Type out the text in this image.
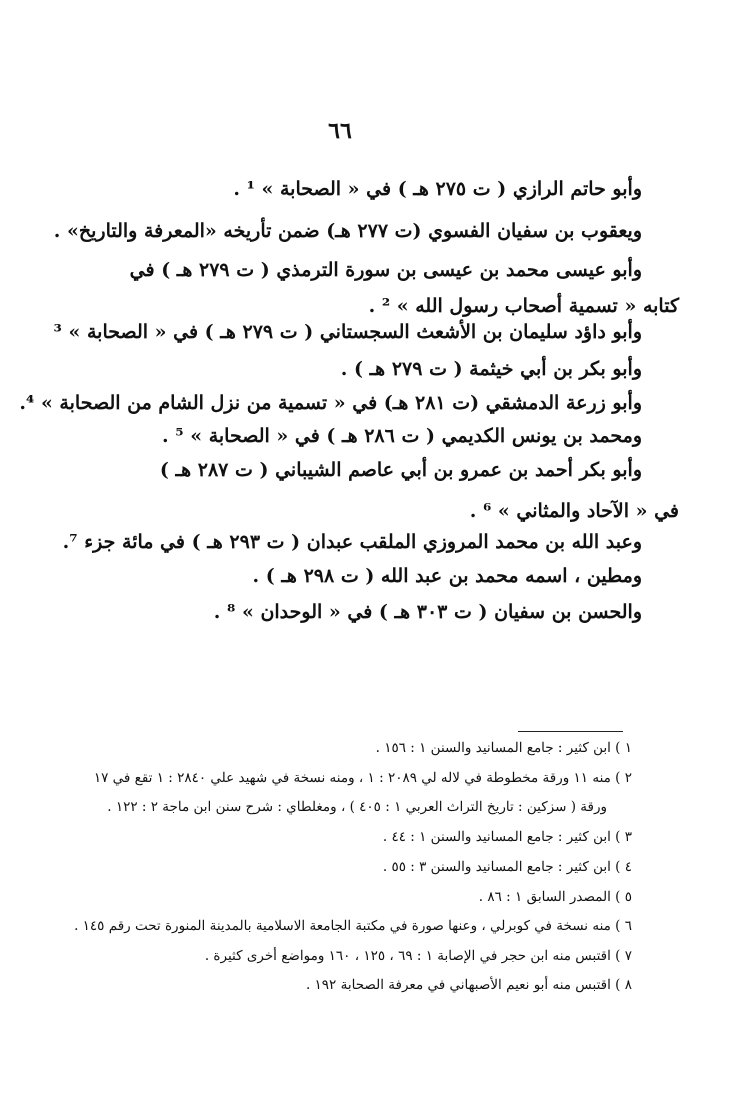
٦٦
وأبو حاتم الرازي ( ت ٢٧٥ هـ ) في « الصحابة » ¹ .
ويعقوب بن سفيان الفسوي (ت ٢٧٧ هـ) ضمن تأريخه «المعرفة والتاريخ» .
وأبو عيسى محمد بن عيسى بن سورة الترمذي ( ت ٢٧٩ هـ ) في
كتابه « تسمية أصحاب رسول الله » ² .
وأبو داؤد سليمان بن الأشعث السجستاني ( ت ٢٧٩ هـ ) في « الصحابة » ³
وأبو بكر بن أبي خيثمة ( ت ٢٧٩ هـ ) .
وأبو زرعة الدمشقي (ت ٢٨١ هـ) في « تسمية من نزل الشام من الصحابة » ⁴.
ومحمد بن يونس الكديمي ( ت ٢٨٦ هـ ) في « الصحابة » ⁵ .
وأبو بكر أحمد بن عمرو بن أبي عاصم الشيباني ( ت ٢٨٧ هـ )
في « الآحاد والمثاني » ⁶ .
وعبد الله بن محمد المروزي الملقب عبدان ( ت ٢٩٣ هـ ) في مائة جزء ⁷.
ومطين ، اسمه محمد بن عبد الله ( ت ٢٩٨ هـ ) .
والحسن بن سفيان ( ت ٣٠٣ هـ ) في « الوحدان » ⁸ .
١ ) ابن كثير : جامع المسانيد والسنن ١ : ١٥٦ .
٢ ) منه ١١ ورقة مخطوطة في لاله لي ٢٠٨٩ : ١ ، ومنه نسخة في شهيد علي ٢٨٤٠ : ١ تقع في ١٧
ورقة ( سزكين : تاريخ التراث العربي ١ : ٤٠٥ ) ، ومغلطاي : شرح سنن ابن ماجة ٢ : ١٢٢ .
٣ ) ابن كثير : جامع المسانيد والسنن ١ : ٤٤ .
٤ ) ابن كثير : جامع المسانيد والسنن ٣ : ٥٥ .
٥ ) المصدر السابق ١ : ٨٦ .
٦ ) منه نسخة في كوبرلي ، وعنها صورة في مكتبة الجامعة الاسلامية بالمدينة المنورة تحت رقم ١٤٥ .
٧ ) اقتبس منه ابن حجر في الإصابة ١ : ٦٩ ، ١٢٥ ، ١٦٠ ومواضع أخرى كثيرة .
٨ ) اقتبس منه أبو نعيم الأصبهاني في معرفة الصحابة ١٩٢ .
